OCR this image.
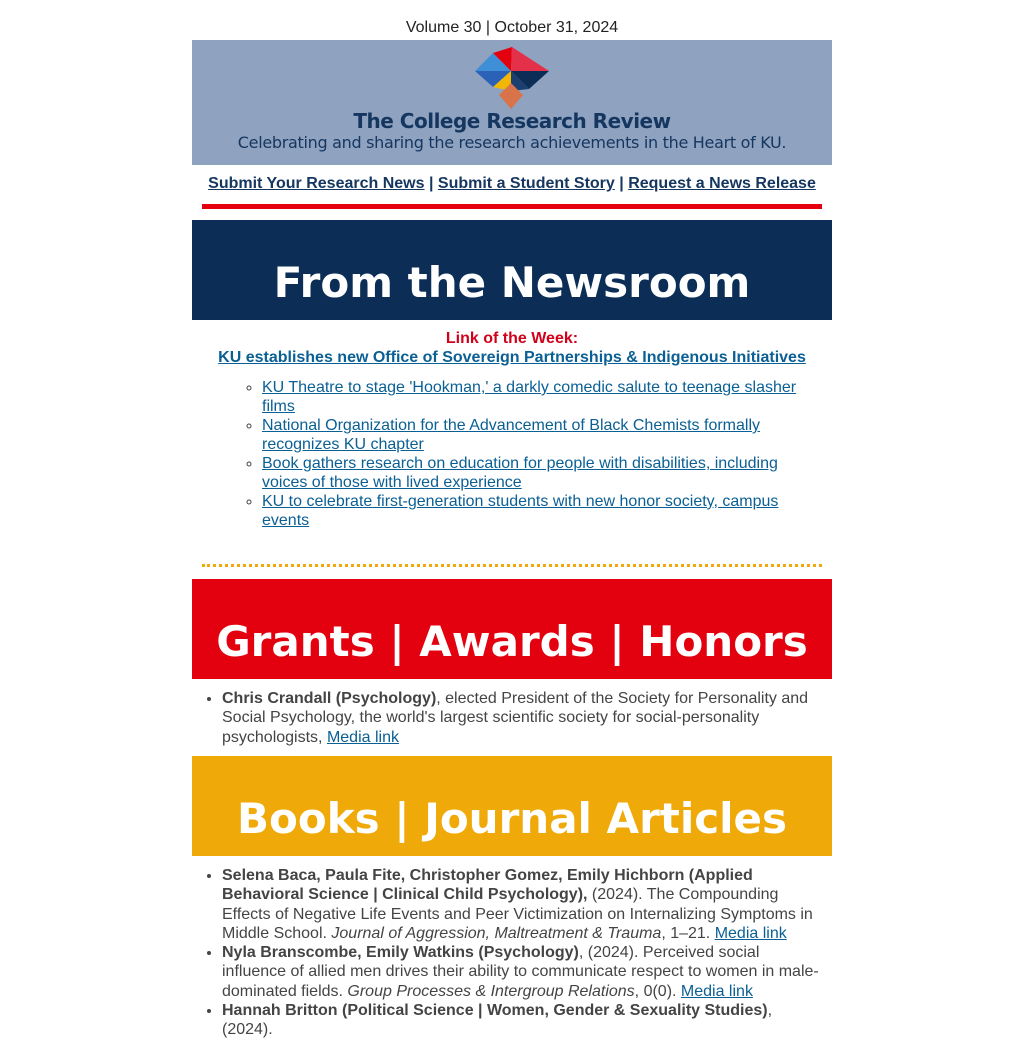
Volume 30 | October 31, 2024
The College Research Review
Celebrating and sharing the research achievements in the Heart of KU.
Submit Your Research News | Submit a Student Story | Request a News Release
From the Newsroom
Link of the Week:
KU establishes new Office of Sovereign Partnerships & Indigenous Initiatives
◦ KU Theatre to stage 'Hookman,' a darkly comedic salute to teenage slasher films
◦ National Organization for the Advancement of Black Chemists formally recognizes KU chapter
◦ Book gathers research on education for people with disabilities, including voices of those with lived experience
◦ KU to celebrate first-generation students with new honor society, campus events
Grants | Awards | Honors
• Chris Crandall (Psychology), elected President of the Society for Personality and Social Psychology, the world's largest scientific society for social-personality psychologists, Media link
Books | Journal Articles
• Selena Baca, Paula Fite, Christopher Gomez, Emily Hichborn (Applied Behavioral Science | Clinical Child Psychology), (2024). The Compounding Effects of Negative Life Events and Peer Victimization on Internalizing Symptoms in Middle School. Journal of Aggression, Maltreatment & Trauma, 1–21. Media link
• Nyla Branscombe, Emily Watkins (Psychology), (2024). Perceived social influence of allied men drives their ability to communicate respect to women in male-dominated fields. Group Processes & Intergroup Relations, 0(0). Media link
• Hannah Britton (Political Science | Women, Gender & Sexuality Studies), (2024).
